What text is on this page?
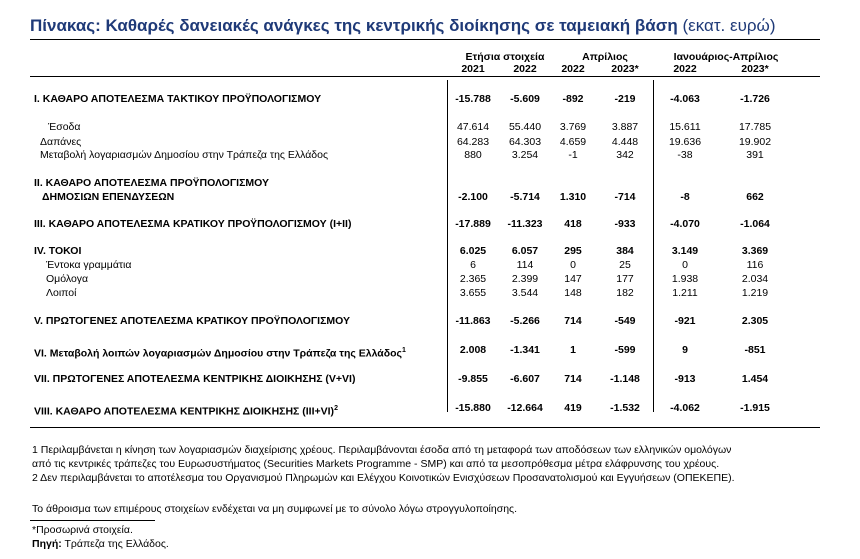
Πίνακας: Καθαρές δανειακές ανάγκες της κεντρικής διοίκησης σε ταμειακή βάση (εκατ. ευρώ)
Ετήσια στοιχεία	Απρίλιος	Ιανουάριος-Απρίλιος
2021	2022	2022	2023*	2022	2023*
I. ΚΑΘΑΡΟ ΑΠΟΤΕΛΕΣΜΑ ΤΑΚΤΙΚΟΥ ΠΡΟΫΠΟΛΟΓΙΣΜΟΥ	-15.788	-5.609	-892	-219	-4.063	-1.726
Έσοδα	47.614	55.440	3.769	3.887	15.611	17.785
Δαπάνες	64.283	64.303	4.659	4.448	19.636	19.902
Μεταβολή λογαριασμών Δημοσίου στην Τράπεζα της Ελλάδος	880	3.254	-1	342	-38	391
II. ΚΑΘΑΡΟ ΑΠΟΤΕΛΕΣΜΑ ΠΡΟΫΠΟΛΟΓΙΣΜΟΥ
ΔΗΜΟΣΙΩΝ ΕΠΕΝΔΥΣΕΩΝ	-2.100	-5.714	1.310	-714	-8	662
III. ΚΑΘΑΡΟ ΑΠΟΤΕΛΕΣΜΑ ΚΡΑΤΙΚΟΥ ΠΡΟΫΠΟΛΟΓΙΣΜΟΥ (I+II)	-17.889	-11.323	418	-933	-4.070	-1.064
IV. ΤΟΚΟΙ	6.025	6.057	295	384	3.149	3.369
Έντοκα γραμμάτια	6	114	0	25	0	116
Ομόλογα	2.365	2.399	147	177	1.938	2.034
Λοιποί	3.655	3.544	148	182	1.211	1.219
V. ΠΡΩΤΟΓΕΝΕΣ ΑΠΟΤΕΛΕΣΜΑ ΚΡΑΤΙΚΟΥ ΠΡΟΫΠΟΛΟΓΙΣΜΟΥ	-11.863	-5.266	714	-549	-921	2.305
VI. Μεταβολή λοιπών λογαριασμών Δημοσίου στην Τράπεζα της Ελλάδος$^1$	2.008	-1.341	1	-599	9	-851
VII. ΠΡΩΤΟΓΕΝΕΣ ΑΠΟΤΕΛΕΣΜΑ ΚΕΝΤΡΙΚΗΣ ΔΙΟΙΚΗΣΗΣ (V+VI)	-9.855	-6.607	714	-1.148	-913	1.454
VIII. ΚΑΘΑΡΟ ΑΠΟΤΕΛΕΣΜΑ ΚΕΝΤΡΙΚΗΣ ΔΙΟΙΚΗΣΗΣ $(III+VI)^2$	-15.880	-12.664	419	-1.532	-4.062	-1.915
1 Περιλαμβάνεται η κίνηση των λογαριασμών διαχείρισης χρέους. Περιλαμβάνονται έσοδα από τη μεταφορά των αποδόσεων των ελληνικών ομολόγων
από τις κεντρικές τράπεζες του Ευρωσυστήματος (Securities Markets Programme - SMP) και από τα μεσοπρόθεσμα μέτρα ελάφρυνσης του χρέους.
2 Δεν περιλαμβάνεται το αποτέλεσμα του Οργανισμού Πληρωμών και Ελέγχου Κοινοτικών Ενισχύσεων Προσανατολισμού και Εγγυήσεων (ΟΠΕΚΕΠΕ).
Το άθροισμα των επιμέρους στοιχείων ενδέχεται να μη συμφωνεί με το σύνολο λόγω στρογγυλοποίησης.
*Προσωρινά στοιχεία.
Πηγή: Τράπεζα της Ελλάδος.
